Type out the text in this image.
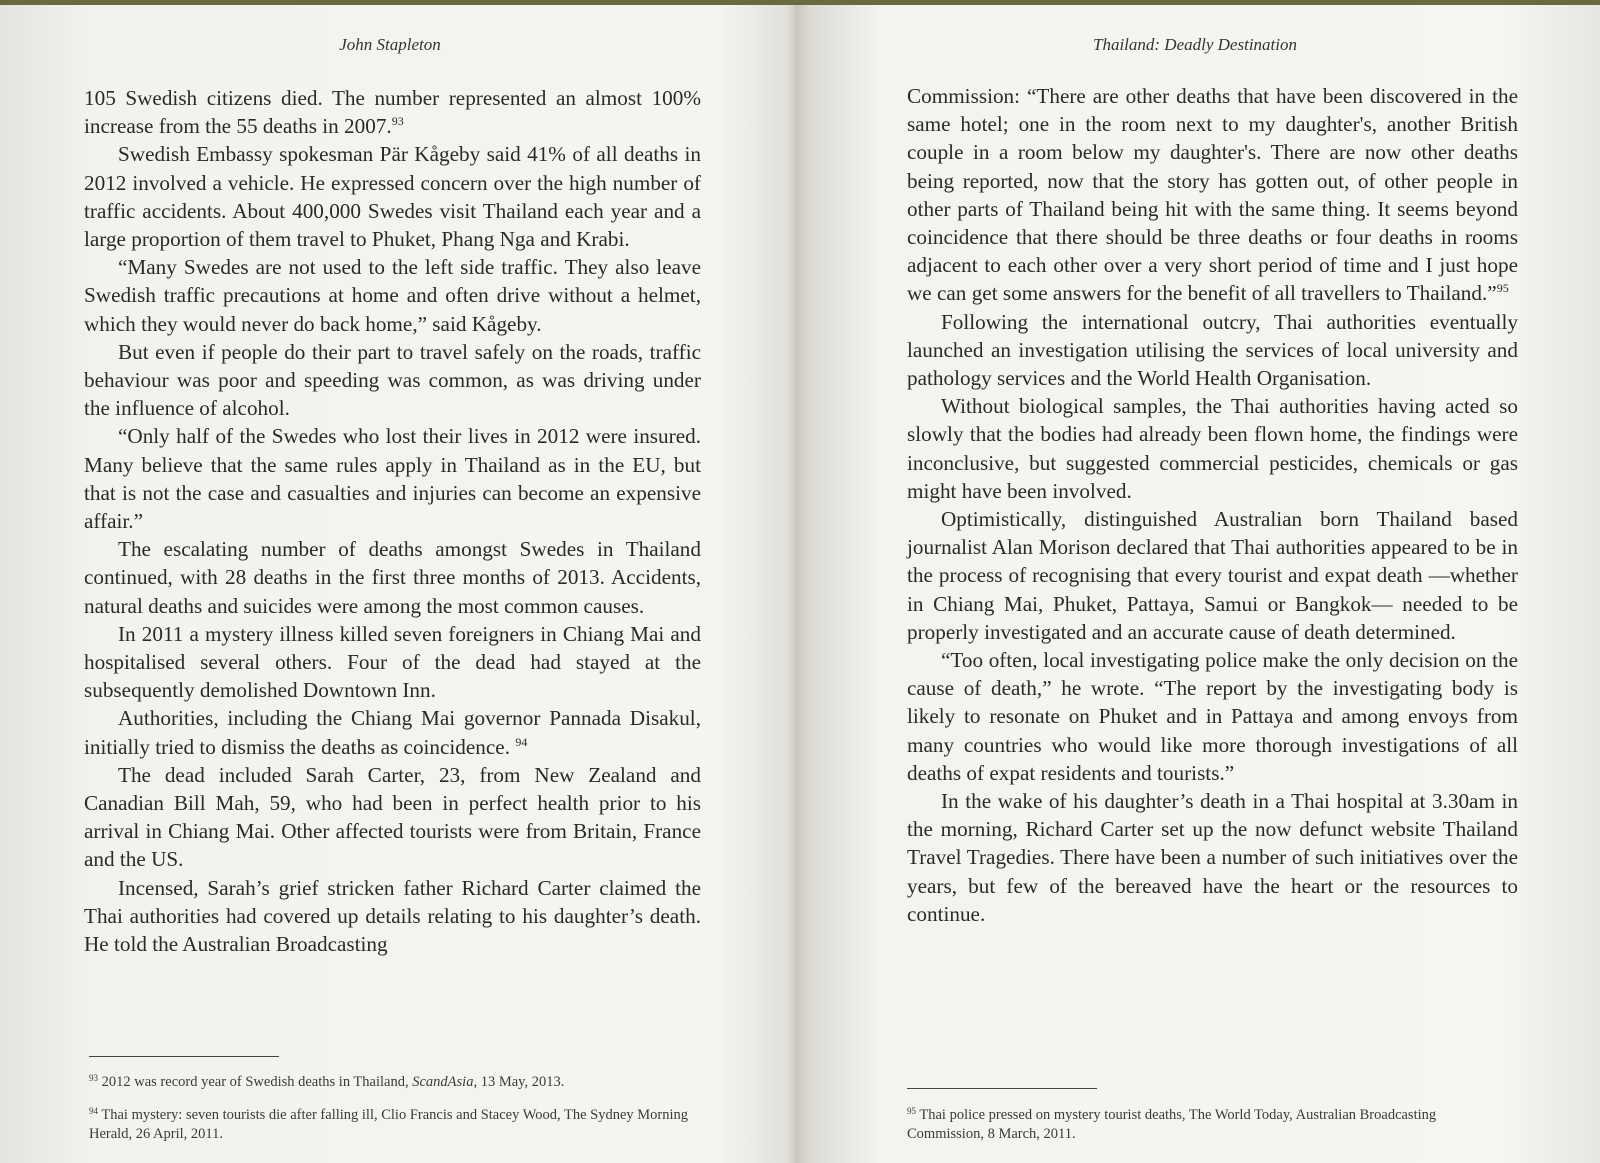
John Stapleton

105 Swedish citizens died. The number represented an almost 100% increase from the 55 deaths in 2007.93

Swedish Embassy spokesman Pär Kågeby said 41% of all deaths in 2012 involved a vehicle. He expressed concern over the high number of traffic accidents. About 400,000 Swedes visit Thailand each year and a large proportion of them travel to Phuket, Phang Nga and Krabi.

“Many Swedes are not used to the left side traffic. They also leave Swedish traffic precautions at home and often drive without a helmet, which they would never do back home,” said Kågeby.

But even if people do their part to travel safely on the roads, traffic behaviour was poor and speeding was common, as was driving under the influence of alcohol.

“Only half of the Swedes who lost their lives in 2012 were insured. Many believe that the same rules apply in Thailand as in the EU, but that is not the case and casualties and injuries can become an expensive affair.”

The escalating number of deaths amongst Swedes in Thailand continued, with 28 deaths in the first three months of 2013. Accidents, natural deaths and suicides were among the most common causes.

In 2011 a mystery illness killed seven foreigners in Chiang Mai and hospitalised several others. Four of the dead had stayed at the subsequently demolished Downtown Inn.

Authorities, including the Chiang Mai governor Pannada Disakul, initially tried to dismiss the deaths as coincidence. $^{94}$

The dead included Sarah Carter, 23, from New Zealand and Canadian Bill Mah, 59, who had been in perfect health prior to his arrival in Chiang Mai. Other affected tourists were from Britain, France and the US.

Incensed, Sarah’s grief stricken father Richard Carter claimed the Thai authorities had covered up details relating to his daughter’s death. He told the Australian Broadcasting

$^{93}$ 2012 was record year of Swedish deaths in Thailand, ScandAsia, 13 May, 2013.

$^{94}$ Thai mystery: seven tourists die after falling ill, Clio Francis and Stacey Wood, The Sydney Morning Herald, 26 April, 2011.

Thailand: Deadly Destination

Commission: “There are other deaths that have been discovered in the same hotel; one in the room next to my daughter's, another British couple in a room below my daughter's. There are now other deaths being reported, now that the story has gotten out, of other people in other parts of Thailand being hit with the same thing. It seems beyond coincidence that there should be three deaths or four deaths in rooms adjacent to each other over a very short period of time and I just hope we can get some answers for the benefit of all travellers to Thailand.”$^{95}$

Following the international outcry, Thai authorities eventually launched an investigation utilising the services of local university and pathology services and the World Health Organisation.

Without biological samples, the Thai authorities having acted so slowly that the bodies had already been flown home, the findings were inconclusive, but suggested commercial pesticides, chemicals or gas might have been involved.

Optimistically, distinguished Australian born Thailand based journalist Alan Morison declared that Thai authorities appeared to be in the process of recognising that every tourist and expat death —whether in Chiang Mai, Phuket, Pattaya, Samui or Bangkok— needed to be properly investigated and an accurate cause of death determined.

“Too often, local investigating police make the only decision on the cause of death,” he wrote. “The report by the investigating body is likely to resonate on Phuket and in Pattaya and among envoys from many countries who would like more thorough investigations of all deaths of expat residents and tourists.”

In the wake of his daughter’s death in a Thai hospital at 3.30am in the morning, Richard Carter set up the now defunct website Thailand Travel Tragedies. There have been a number of such initiatives over the years, but few of the bereaved have the heart or the resources to continue.

$^{95}$ Thai police pressed on mystery tourist deaths, The World Today, Australian Broadcasting Commission, 8 March, 2011.
